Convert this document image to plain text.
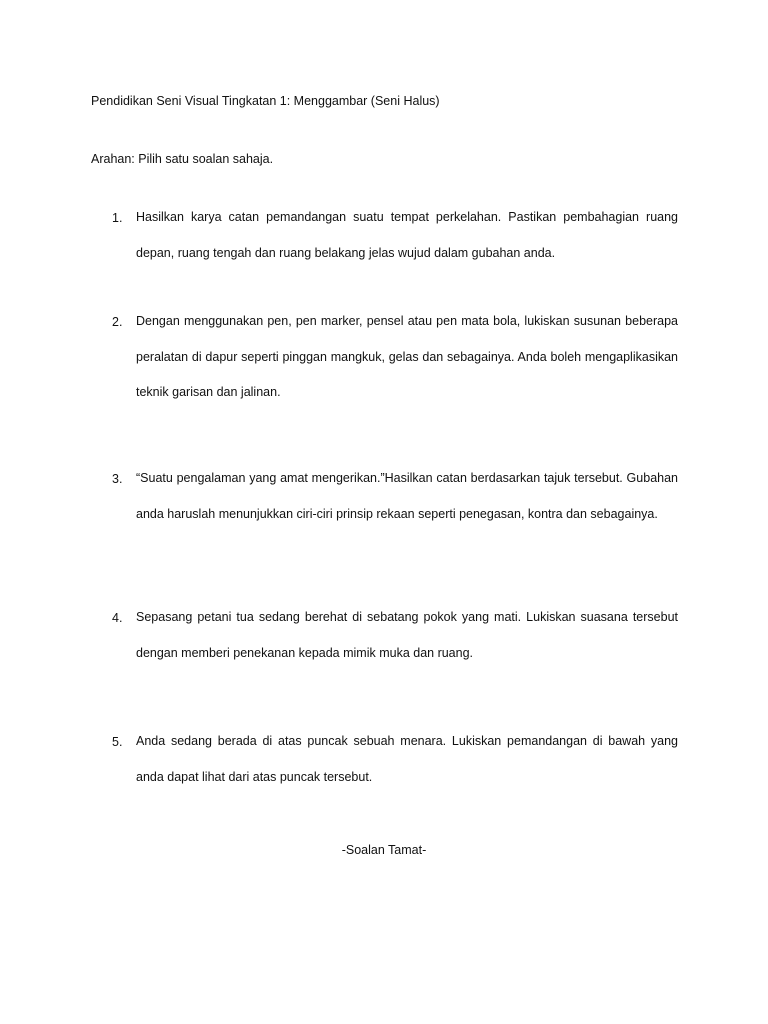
Pendidikan Seni Visual Tingkatan 1: Menggambar (Seni Halus)
Arahan: Pilih satu soalan sahaja.
1.	Hasilkan karya catan pemandangan suatu tempat perkelahan. Pastikan pembahagian ruang depan, ruang tengah dan ruang belakang jelas wujud dalam gubahan anda.
2.	Dengan menggunakan pen, pen marker, pensel atau pen mata bola, lukiskan susunan beberapa peralatan di dapur seperti pinggan mangkuk, gelas dan sebagainya. Anda boleh mengaplikasikan teknik garisan dan jalinan.
3.	“Suatu pengalaman yang amat mengerikan.”Hasilkan catan berdasarkan tajuk tersebut. Gubahan anda haruslah menunjukkan ciri-ciri prinsip rekaan seperti penegasan, kontra dan sebagainya.
4.	Sepasang petani tua sedang berehat di sebatang pokok yang mati. Lukiskan suasana tersebut dengan memberi penekanan kepada mimik muka dan ruang.
5.	Anda sedang berada di atas puncak sebuah menara. Lukiskan pemandangan di bawah yang anda dapat lihat dari atas puncak tersebut.
-Soalan Tamat-
